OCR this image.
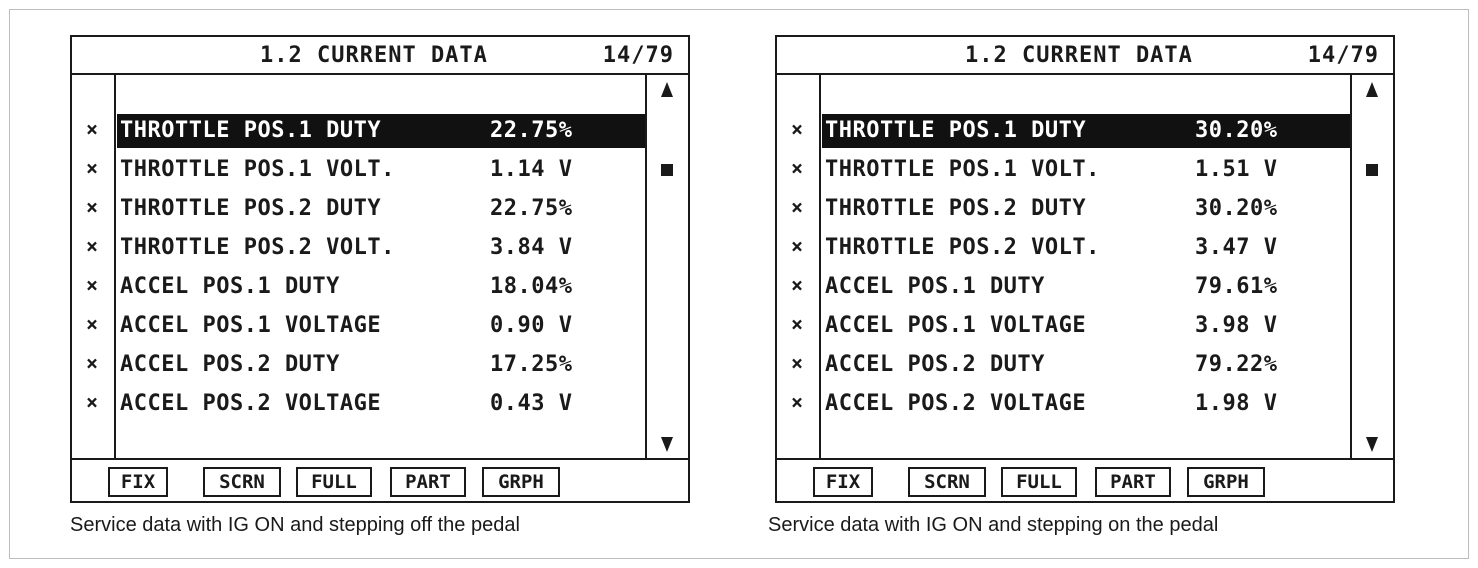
1.2 CURRENT DATA	14/79
× THROTTLE POS.1 DUTY	22.75%
× THROTTLE POS.1 VOLT.	1.14 V
× THROTTLE POS.2 DUTY	22.75%
× THROTTLE POS.2 VOLT.	3.84 V
× ACCEL POS.1 DUTY	18.04%
× ACCEL POS.1 VOLTAGE	0.90 V
× ACCEL POS.2 DUTY	17.25%
× ACCEL POS.2 VOLTAGE	0.43 V
FIX	SCRN	FULL	PART	GRPH
Service data with IG ON and stepping off the pedal
1.2 CURRENT DATA	14/79
× THROTTLE POS.1 DUTY	30.20%
× THROTTLE POS.1 VOLT.	1.51 V
× THROTTLE POS.2 DUTY	30.20%
× THROTTLE POS.2 VOLT.	3.47 V
× ACCEL POS.1 DUTY	79.61%
× ACCEL POS.1 VOLTAGE	3.98 V
× ACCEL POS.2 DUTY	79.22%
× ACCEL POS.2 VOLTAGE	1.98 V
FIX	SCRN	FULL	PART	GRPH
Service data with IG ON and stepping on the pedal
